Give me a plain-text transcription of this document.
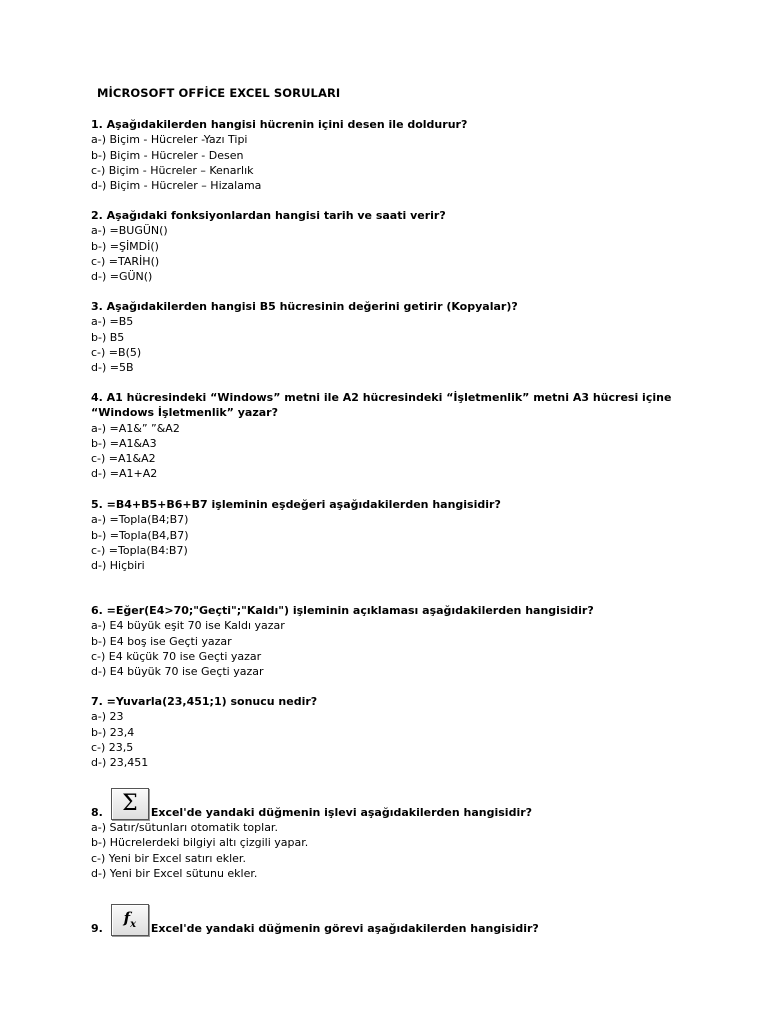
MİCROSOFT OFFİCE EXCEL SORULARI
1. Aşağıdakilerden hangisi hücrenin içini desen ile doldurur?
a-) Biçim - Hücreler -Yazı Tipi
b-) Biçim - Hücreler - Desen
c-) Biçim - Hücreler – Kenarlık
d-) Biçim - Hücreler – Hizalama
2. Aşağıdaki fonksiyonlardan hangisi tarih ve saati verir?
a-) =BUGÜN()
b-) =ŞİMDİ()
c-) =TARİH()
d-) =GÜN()
3. Aşağıdakilerden hangisi B5 hücresinin değerini getirir (Kopyalar)?
a-) =B5
b-) B5
c-) =B(5)
d-) =5B
4. A1 hücresindeki “Windows” metni ile A2 hücresindeki “İşletmenlik” metni A3 hücresi içine
“Windows İşletmenlik” yazar?
a-) =A1&” ”&A2
b-) =A1&A3
c-) =A1&A2
d-) =A1+A2
5. =B4+B5+B6+B7 işleminin eşdeğeri aşağıdakilerden hangisidir?
a-) =Topla(B4;B7)
b-) =Topla(B4,B7)
c-) =Topla(B4:B7)
d-) Hiçbiri
6. =Eğer(E4>70;"Geçti";"Kaldı") işleminin açıklaması aşağıdakilerden hangisidir?
a-) E4 büyük eşit 70 ise Kaldı yazar
b-) E4 boş ise Geçti yazar
c-) E4 küçük 70 ise Geçti yazar
d-) E4 büyük 70 ise Geçti yazar
7. =Yuvarla(23,451;1) sonucu nedir?
a-) 23
b-) 23,4
c-) 23,5
d-) 23,451
8. Σ Excel'de yandaki düğmenin işlevi aşağıdakilerden hangisidir?
a-) Satır/sütunları otomatik toplar.
b-) Hücrelerdeki bilgiyi altı çizgili yapar.
c-) Yeni bir Excel satırı ekler.
d-) Yeni bir Excel sütunu ekler.
9.
$f_x$ Excel'de yandaki düğmenin görevi aşağıdakilerden hangisidir?
